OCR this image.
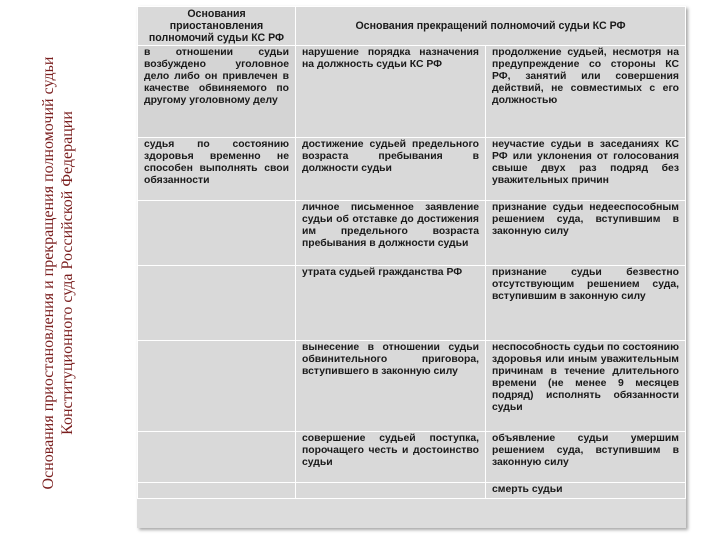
Основания приостановления и прекращения полномочий судьи Конституционного суда Российской Федерации
Основания приостановления полномочий судьи КС РФ	Основания прекращений полномочий судьи КС РФ	
в отношении судьи возбуждено уголовное дело либо он привлечен в качестве обвиняемого по другому уголовному делу	нарушение порядка назначения на должность судьи КС РФ	продолжение судьей, несмотря на предупреждение со стороны КС РФ, занятий или совершения действий, не совместимых с его должностью
судья по состоянию здоровья временно не способен выполнять свои обязанности	достижение судьей предельного возраста пребывания в должности судьи	неучастие судьи в заседаниях КС РФ или уклонения от голосования свыше двух раз подряд без уважительных причин
	личное письменное заявление судьи об отставке до достижения им предельного возраста пребывания в должности судьи	признание судьи недееспособным решением суда, вступившим в законную силу
	утрата судьей гражданства РФ	признание судьи безвестно отсутствующим решением суда, вступившим в законную силу
	вынесение в отношении судьи обвинительного приговора, вступившего в законную силу	неспособность судьи по состоянию здоровья или иным уважительным причинам в течение длительного времени (не менее 9 месяцев подряд) исполнять обязанности судьи
	совершение судьей поступка, порочащего честь и достоинство судьи	объявление судьи умершим решением суда, вступившим в законную силу
		смерть судьи
